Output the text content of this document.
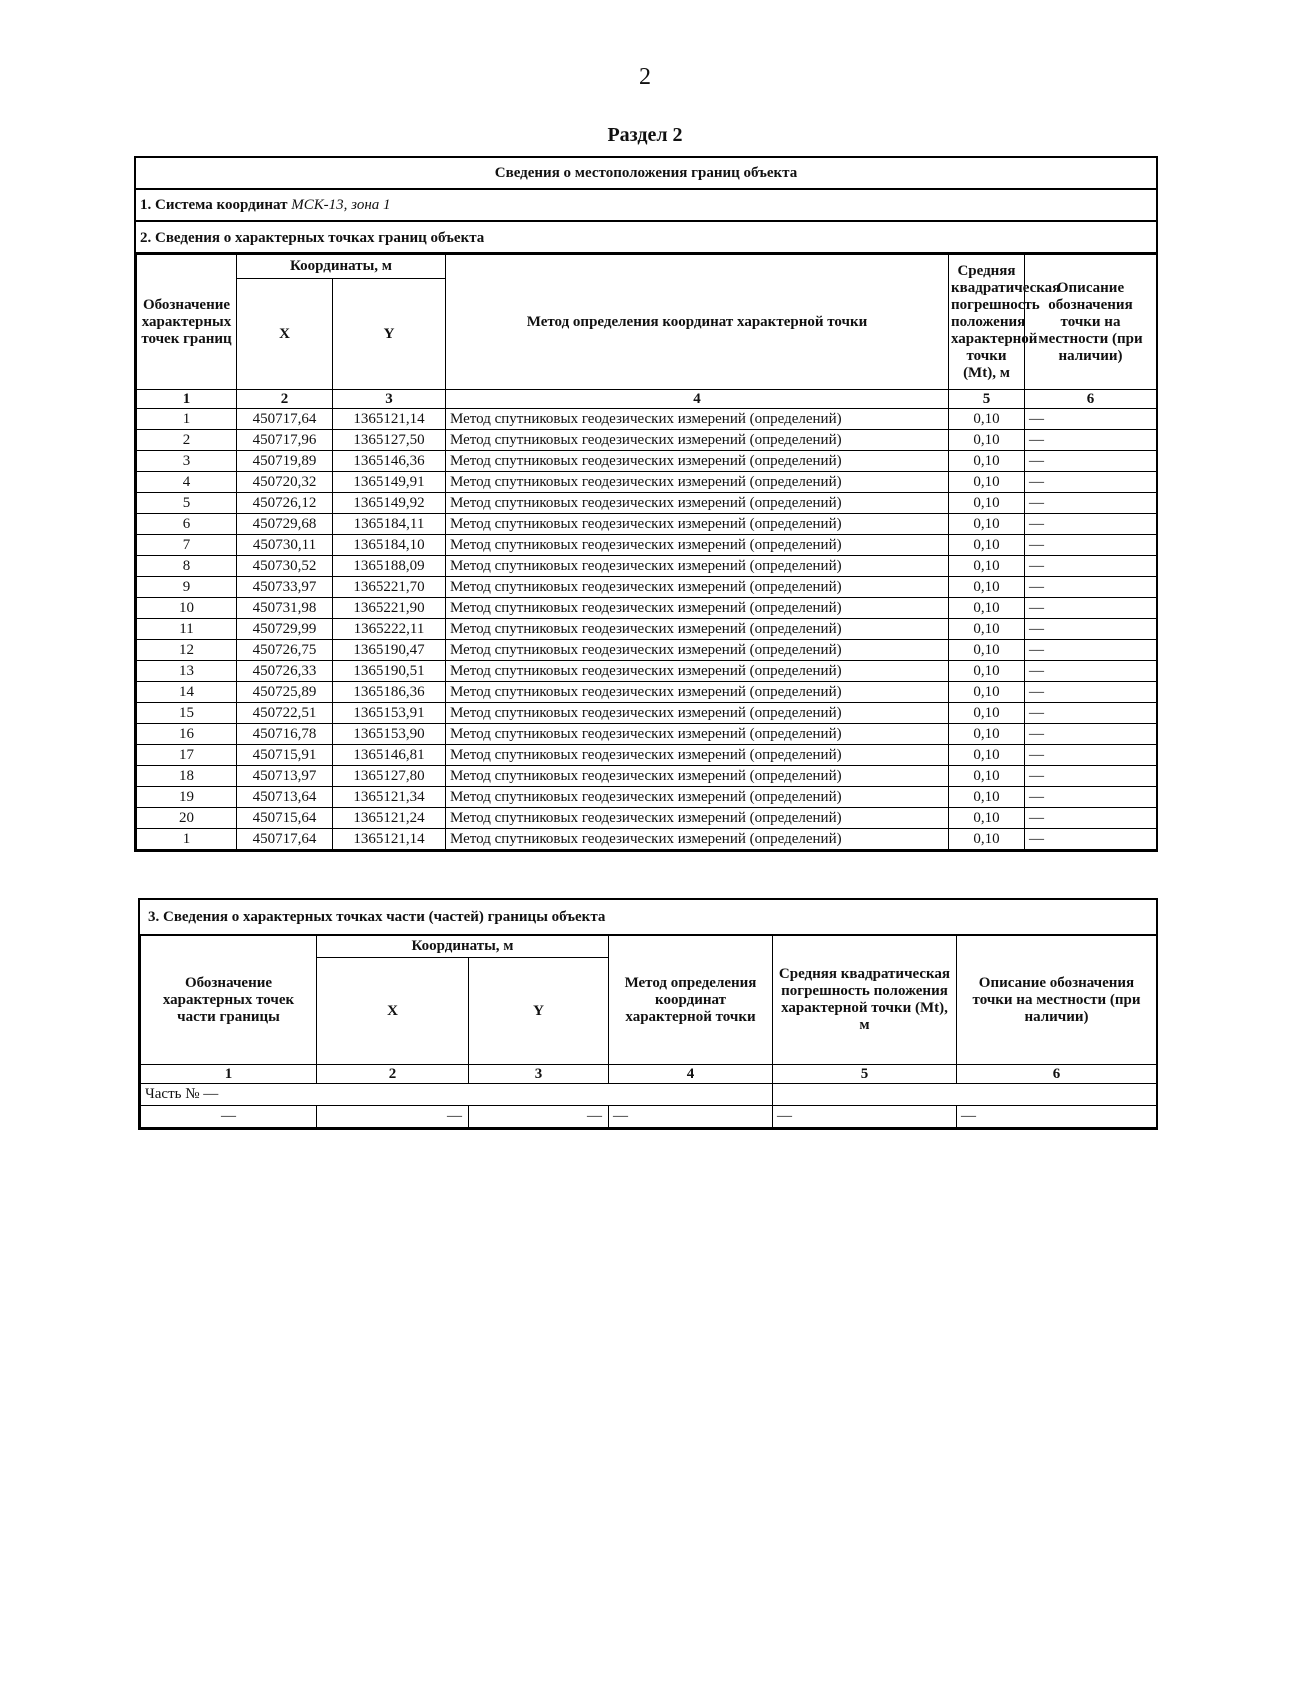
2
Раздел 2
Сведения о местоположения границ объекта
1. Система координат МСК-13, зона 1
2. Сведения о характерных точках границ объекта
Обозначение характерных точек границ	Координаты, м		Метод определения координат характерной точки	Средняя квадратическая погрешность положения характерной точки (Mt), м	Описание обозначения точки на местности (при наличии)
	X	Y			
1	2	3	4	5	6
1	450717,64	1365121,14	Метод спутниковых геодезических измерений (определений)	0,10	—
2	450717,96	1365127,50	Метод спутниковых геодезических измерений (определений)	0,10	—
3	450719,89	1365146,36	Метод спутниковых геодезических измерений (определений)	0,10	—
4	450720,32	1365149,91	Метод спутниковых геодезических измерений (определений)	0,10	—
5	450726,12	1365149,92	Метод спутниковых геодезических измерений (определений)	0,10	—
6	450729,68	1365184,11	Метод спутниковых геодезических измерений (определений)	0,10	—
7	450730,11	1365184,10	Метод спутниковых геодезических измерений (определений)	0,10	—
8	450730,52	1365188,09	Метод спутниковых геодезических измерений (определений)	0,10	—
9	450733,97	1365221,70	Метод спутниковых геодезических измерений (определений)	0,10	—
10	450731,98	1365221,90	Метод спутниковых геодезических измерений (определений)	0,10	—
11	450729,99	1365222,11	Метод спутниковых геодезических измерений (определений)	0,10	—
12	450726,75	1365190,47	Метод спутниковых геодезических измерений (определений)	0,10	—
13	450726,33	1365190,51	Метод спутниковых геодезических измерений (определений)	0,10	—
14	450725,89	1365186,36	Метод спутниковых геодезических измерений (определений)	0,10	—
15	450722,51	1365153,91	Метод спутниковых геодезических измерений (определений)	0,10	—
16	450716,78	1365153,90	Метод спутниковых геодезических измерений (определений)	0,10	—
17	450715,91	1365146,81	Метод спутниковых геодезических измерений (определений)	0,10	—
18	450713,97	1365127,80	Метод спутниковых геодезических измерений (определений)	0,10	—
19	450713,64	1365121,34	Метод спутниковых геодезических измерений (определений)	0,10	—
20	450715,64	1365121,24	Метод спутниковых геодезических измерений (определений)	0,10	—
1	450717,64	1365121,14	Метод спутниковых геодезических измерений (определений)	0,10	—
3. Сведения о характерных точках части (частей) границы объекта
Обозначение характерных точек части границы	Координаты, м		Метод определения координат характерной точки	Средняя квадратическая погрешность положения характерной точки (Mt), м	Описание обозначения точки на местности (при наличии)
	X	Y			
1	2	3	4	5	6
Часть № —					
—	—	—	—	—	—
